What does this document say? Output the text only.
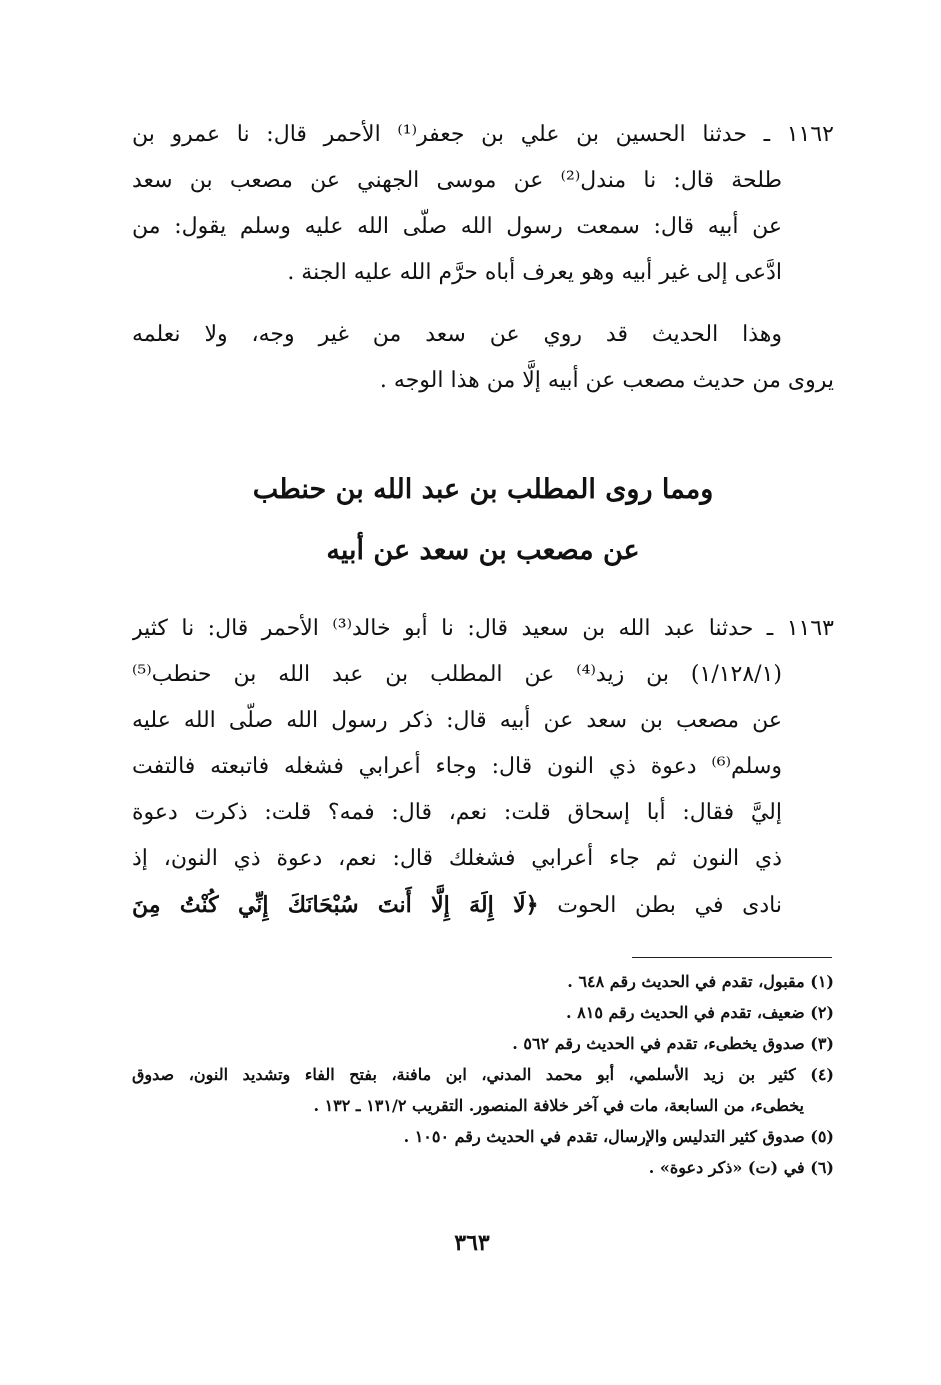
١١٦٢ ـ حدثنا الحسين بن علي بن جعفر⁽¹⁾ الأحمر قال: نا عمرو بن
طلحة قال: نا مندل⁽²⁾ عن موسى الجهني عن مصعب بن سعد
عن أبيه قال: سمعت رسول الله صلّى الله عليه وسلم يقول: من
ادَّعى إلى غير أبيه وهو يعرف أباه حرَّم الله عليه الجنة .
وهذا الحديث قد روي عن سعد من غير وجه، ولا نعلمه
يروى من حديث مصعب عن أبيه إلَّا من هذا الوجه .
ومما روى المطلب بن عبد الله بن حنطب
عن مصعب بن سعد عن أبيه
١١٦٣ ـ حدثنا عبد الله بن سعيد قال: نا أبو خالد⁽³⁾ الأحمر قال: نا كثير
(١/١٢٨/١) بن زيد⁽⁴⁾ عن المطلب بن عبد الله بن حنطب⁽⁵⁾
عن مصعب بن سعد عن أبيه قال: ذكر رسول الله صلّى الله عليه
وسلم⁽⁶⁾ دعوة ذي النون قال: وجاء أعرابي فشغله فاتبعته فالتفت
إليَّ فقال: أبا إسحاق قلت: نعم، قال: فمه؟ قلت: ذكرت دعوة
ذي النون ثم جاء أعرابي فشغلك قال: نعم، دعوة ذي النون، إذ
نادى في بطن الحوت ﴿لَا إِلَهَ إِلَّا أَنتَ سُبْحَانَكَ إِنِّي كُنْتُ مِنَ
(١) مقبول، تقدم في الحديث رقم ٦٤٨ .
(٢) ضعيف، تقدم في الحديث رقم ٨١٥ .
(٣) صدوق يخطىء، تقدم في الحديث رقم ٥٦٢ .
(٤) كثير بن زيد الأسلمي، أبو محمد المدني، ابن مافنة، بفتح الفاء وتشديد النون، صدوق
يخطىء، من السابعة، مات في آخر خلافة المنصور. التقريب ١٣١/٢ ـ ١٣٢ .
(٥) صدوق كثير التدليس والإرسال، تقدم في الحديث رقم ١٠٥٠ .
(٦) في (ت) «ذكر دعوة» .
٣٦٣
